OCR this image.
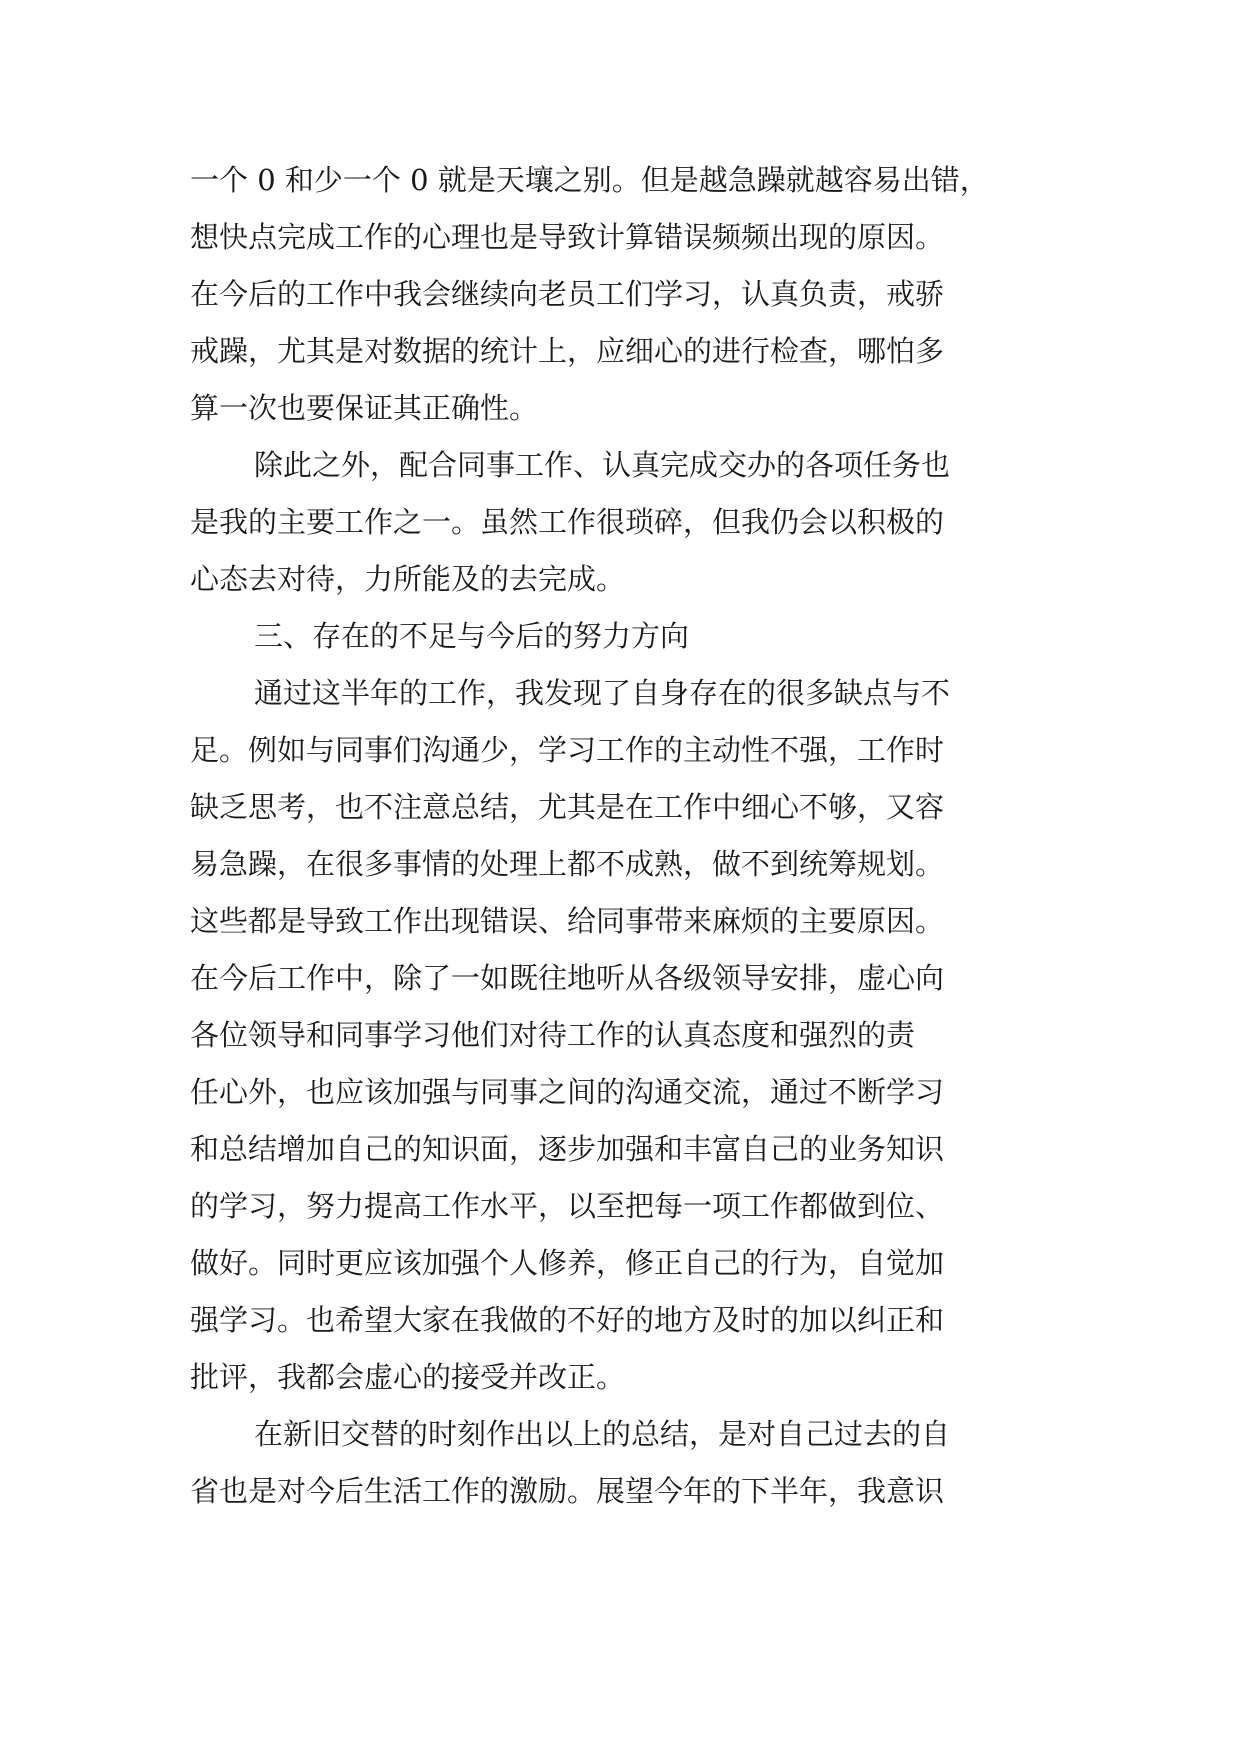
一个 0 和少一个 0 就是天壤之别。但是越急躁就越容易出错，
想快点完成工作的心理也是导致计算错误频频出现的原因。
在今后的工作中我会继续向老员工们学习，认真负责，戒骄
戒躁，尤其是对数据的统计上，应细心的进行检查，哪怕多
算一次也要保证其正确性。
除此之外，配合同事工作、认真完成交办的各项任务也
是我的主要工作之一。虽然工作很琐碎，但我仍会以积极的
心态去对待，力所能及的去完成。
三、存在的不足与今后的努力方向
通过这半年的工作，我发现了自身存在的很多缺点与不
足。例如与同事们沟通少，学习工作的主动性不强，工作时
缺乏思考，也不注意总结，尤其是在工作中细心不够，又容
易急躁，在很多事情的处理上都不成熟，做不到统筹规划。
这些都是导致工作出现错误、给同事带来麻烦的主要原因。
在今后工作中，除了一如既往地听从各级领导安排，虚心向
各位领导和同事学习他们对待工作的认真态度和强烈的责
任心外，也应该加强与同事之间的沟通交流，通过不断学习
和总结增加自己的知识面，逐步加强和丰富自己的业务知识
的学习，努力提高工作水平，以至把每一项工作都做到位、
做好。同时更应该加强个人修养，修正自己的行为，自觉加
强学习。也希望大家在我做的不好的地方及时的加以纠正和
批评，我都会虚心的接受并改正。
在新旧交替的时刻作出以上的总结，是对自己过去的自
省也是对今后生活工作的激励。展望今年的下半年，我意识
